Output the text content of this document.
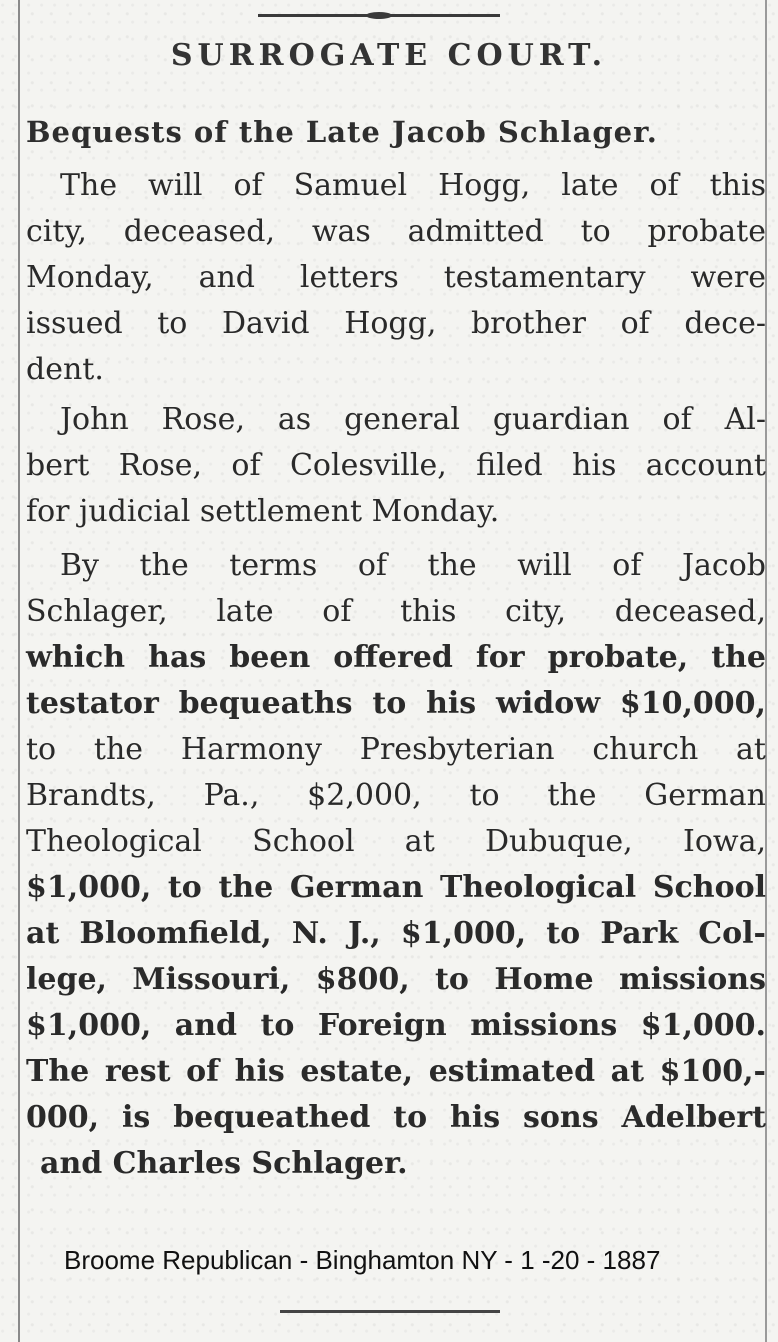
SURROGATE COURT.
Bequests of the Late Jacob Schlager.
The will of Samuel Hogg, late of this
city, deceased, was admitted to probate
Monday, and letters testamentary were
issued to David Hogg, brother of dece-
dent.
John Rose, as general guardian of Al-
bert Rose, of Colesville, filed his account
for judicial settlement Monday.
By the terms of the will of Jacob
Schlager, late of this city, deceased,
which has been offered for probate, the
testator bequeaths to his widow $10,000,
to the Harmony Presbyterian church at
Brandts, Pa., $2,000, to the German
Theological School at Dubuque, Iowa,
$1,000, to the German Theological School
at Bloomfield, N. J., $1,000, to Park Col-
lege, Missouri, $800, to Home missions
$1,000, and to Foreign missions $1,000.
The rest of his estate, estimated at $100,-
000, is bequeathed to his sons Adelbert
and Charles Schlager.
Broome Republican - Binghamton NY - 1 -20 - 1887
